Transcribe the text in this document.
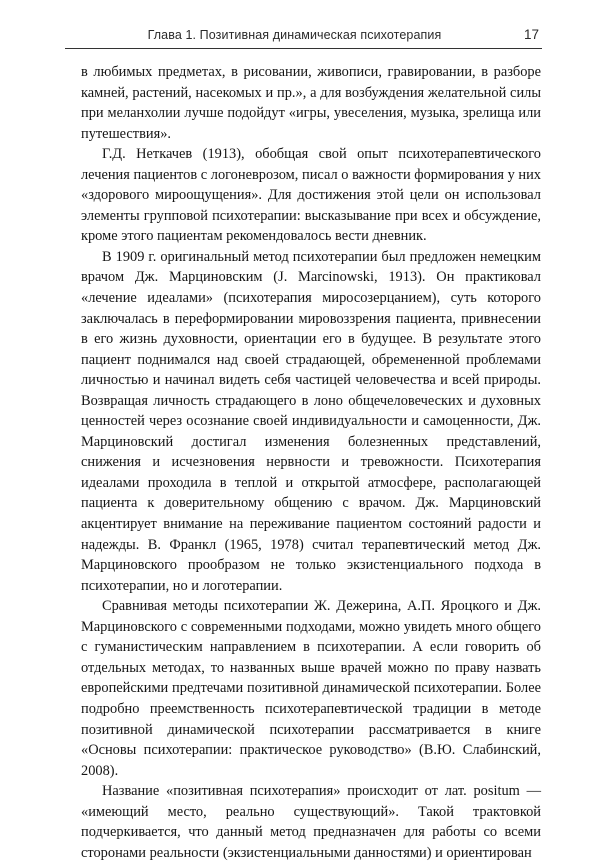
Глава 1. Позитивная динамическая психотерапия	17

в любимых предметах, в рисовании, живописи, гравировании, в разборе камней, растений, насекомых и пр.», а для возбуждения желательной силы при меланхолии лучше подойдут «игры, увеселения, музыка, зрелища или путешествия».

Г.Д. Неткачев (1913), обобщая свой опыт психотерапевтического лечения пациентов с логоневрозом, писал о важности формирования у них «здорового мироощущения». Для достижения этой цели он использовал элементы групповой психотерапии: высказывание при всех и обсуждение, кроме этого пациентам рекомендовалось вести дневник.

В 1909 г. оригинальный метод психотерапии был предложен немецким врачом Дж. Марциновским (J. Marcinowski, 1913). Он практиковал «лечение идеалами» (психотерапия миросозерцанием), суть которого заключалась в переформировании мировоззрения пациента, привнесении в его жизнь духовности, ориентации его в будущее. В результате этого пациент поднимался над своей страдающей, обремененной проблемами личностью и начинал видеть себя частицей человечества и всей природы. Возвращая личность страдающего в лоно общечеловеческих и духовных ценностей через осознание своей индивидуальности и самоценности, Дж. Марциновский достигал изменения болезненных представлений, снижения и исчезновения нервности и тревожности. Психотерапия идеалами проходила в теплой и открытой атмосфере, располагающей пациента к доверительному общению с врачом. Дж. Марциновский акцентирует внимание на переживание пациентом состояний радости и надежды. В. Франкл (1965, 1978) считал терапевтический метод Дж. Марциновского прообразом не только экзистенциального подхода в психотерапии, но и логотерапии.

Сравнивая методы психотерапии Ж. Дежерина, А.П. Яроцкого и Дж. Марциновского с современными подходами, можно увидеть много общего с гуманистическим направлением в психотерапии. А если говорить об отдельных методах, то названных выше врачей можно по праву назвать европейскими предтечами позитивной динамической психотерапии. Более подробно преемственность психотерапевтической традиции в методе позитивной динамической психотерапии рассматривается в книге «Основы психотерапии: практическое руководство» (В.Ю. Слабинский, 2008).

Название «позитивная психотерапия» происходит от лат. positum — «имеющий место, реально существующий». Такой трактовкой подчеркивается, что данный метод предназначен для работы со всеми сторонами реальности (экзистенциальными данностями) и ориентирован
